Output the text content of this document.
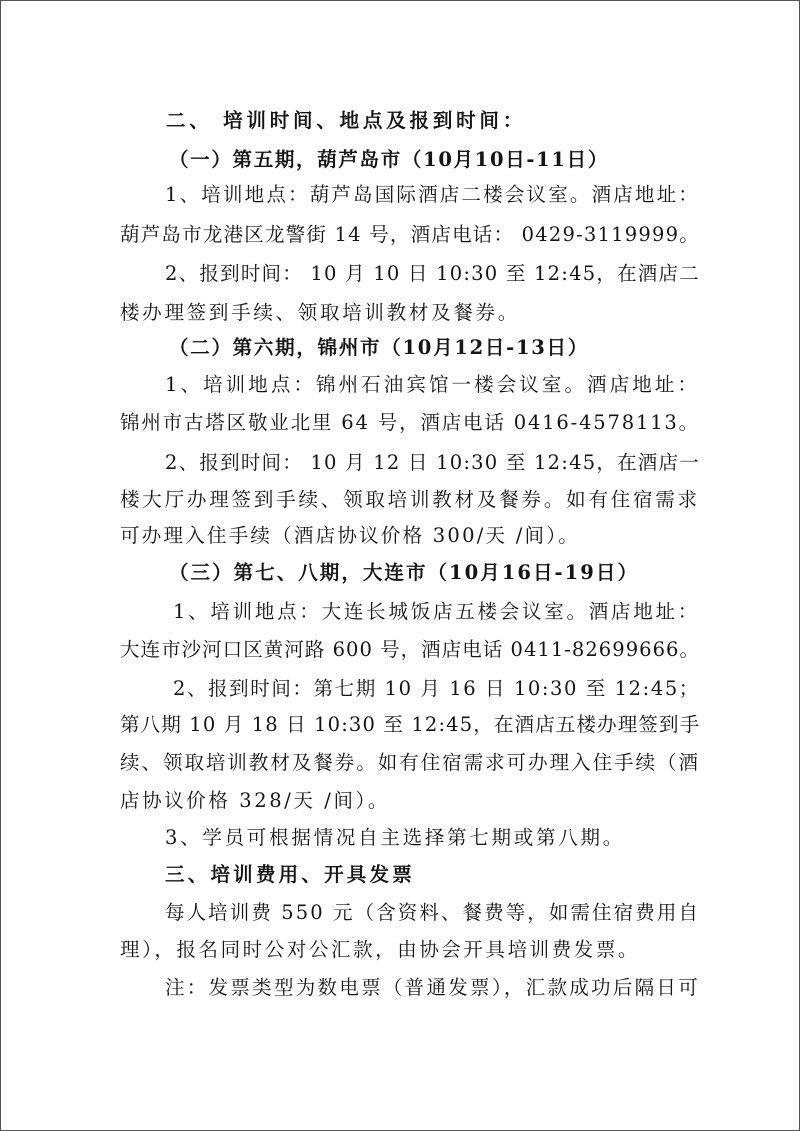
二、 培训时间、地点及报到时间：
（一）第五期，葫芦岛市（10月10日-11日）
1、培训地点：葫芦岛国际酒店二楼会议室。酒店地址：
葫芦岛市龙港区龙警街 14 号，酒店电话： 0429-3119999。
2、报到时间： 10 月 10 日 10:30 至 12:45，在酒店二
楼办理签到手续、领取培训教材及餐券。
（二）第六期，锦州市（10月12日-13日）
1、培训地点：锦州石油宾馆一楼会议室。酒店地址：
锦州市古塔区敬业北里 64 号，酒店电话 0416-4578113。
2、报到时间： 10 月 12 日 10:30 至 12:45，在酒店一
楼大厅办理签到手续、领取培训教材及餐券。如有住宿需求
可办理入住手续（酒店协议价格 300/天 /间）。
（三）第七、八期，大连市（10月16日-19日）
1、培训地点：大连长城饭店五楼会议室。酒店地址：
大连市沙河口区黄河路 600 号，酒店电话 0411-82699666。
2、报到时间：第七期 10 月 16 日 10:30 至 12:45；
第八期 10 月 18 日 10:30 至 12:45，在酒店五楼办理签到手
续、领取培训教材及餐券。如有住宿需求可办理入住手续（酒
店协议价格 328/天 /间）。
3、学员可根据情况自主选择第七期或第八期。
三、培训费用、开具发票
每人培训费 550 元（含资料、餐费等，如需住宿费用自
理），报名同时公对公汇款，由协会开具培训费发票。
注：发票类型为数电票（普通发票），汇款成功后隔日可
